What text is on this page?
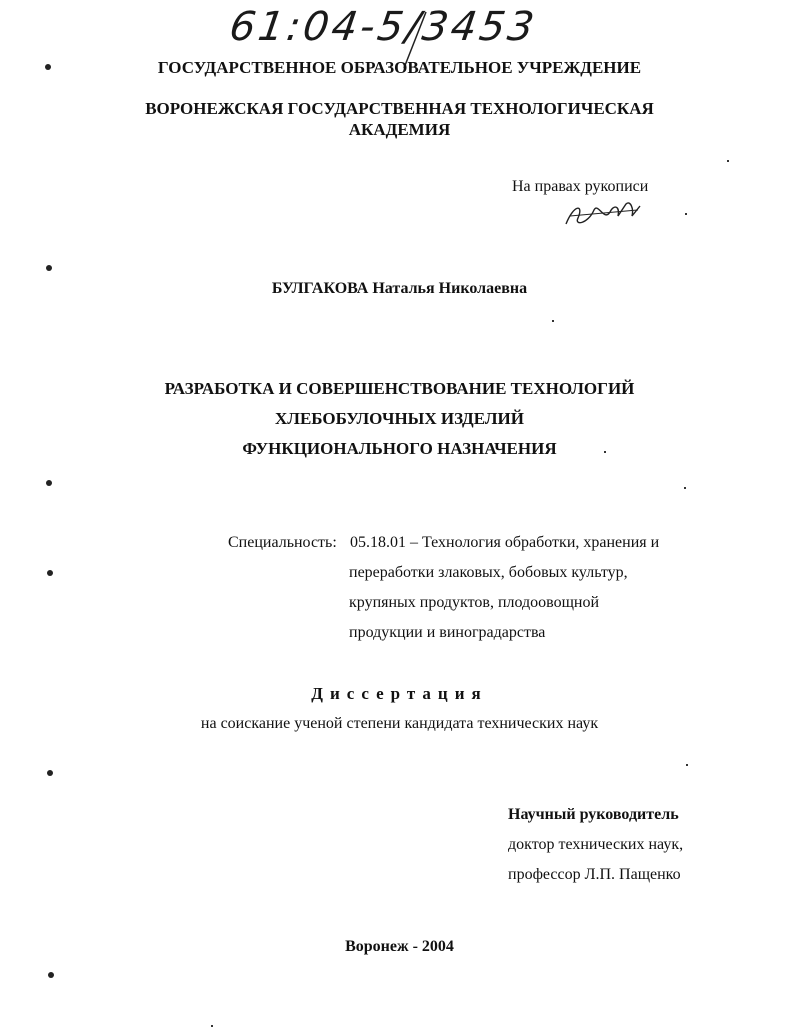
61:04-5/3453
ГОСУДАРСТВЕННОЕ ОБРАЗОВАТЕЛЬНОЕ УЧРЕЖДЕНИЕ
ВОРОНЕЖСКАЯ ГОСУДАРСТВЕННАЯ ТЕХНОЛОГИЧЕСКАЯ
АКАДЕМИЯ
На правах рукописи
БУЛГАКОВА Наталья Николаевна
РАЗРАБОТКА И СОВЕРШЕНСТВОВАНИЕ ТЕХНОЛОГИЙ
ХЛЕБОБУЛОЧНЫХ ИЗДЕЛИЙ
ФУНКЦИОНАЛЬНОГО НАЗНАЧЕНИЯ
Специальность: 05.18.01 – Технология обработки, хранения и
переработки злаковых, бобовых культур,
крупяных продуктов, плодоовощной
продукции и виноградарства
Диссертация
на соискание ученой степени кандидата технических наук
Научный руководитель
доктор технических наук,
профессор Л.П. Пащенко
Воронеж - 2004
